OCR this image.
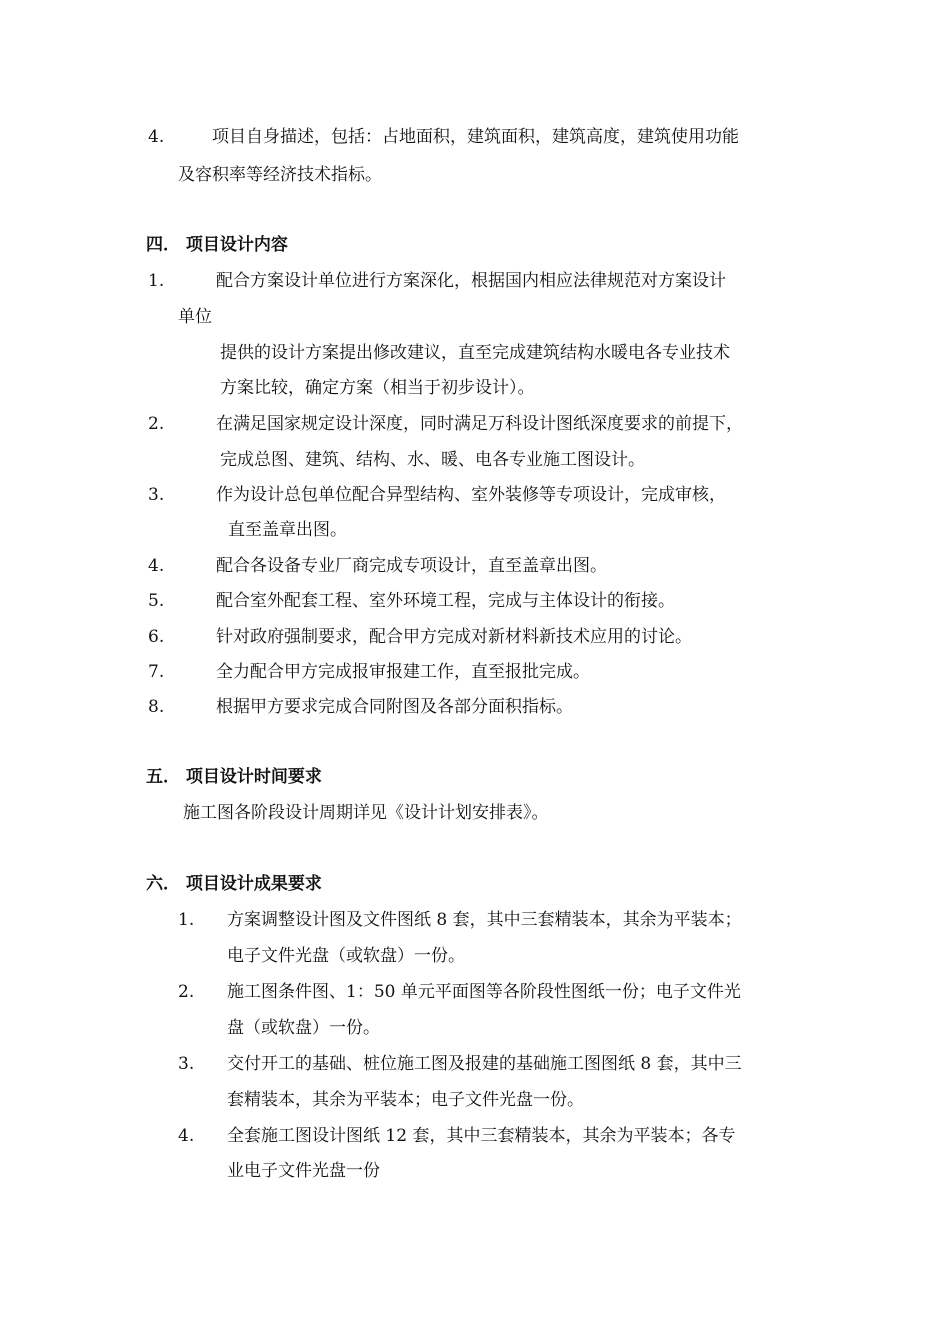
4.	项目自身描述，包括：占地面积，建筑面积，建筑高度，建筑使用功能
及容积率等经济技术指标。
四． 项目设计内容
1.	配合方案设计单位进行方案深化，根据国内相应法律规范对方案设计
单位
提供的设计方案提出修改建议，直至完成建筑结构水暖电各专业技术
方案比较，确定方案（相当于初步设计）。
2.	在满足国家规定设计深度，同时满足万科设计图纸深度要求的前提下，
完成总图、建筑、结构、水、暖、电各专业施工图设计。
3.	作为设计总包单位配合异型结构、室外装修等专项设计，完成审核，
直至盖章出图。
4.	配合各设备专业厂商完成专项设计，直至盖章出图。
5.	配合室外配套工程、室外环境工程，完成与主体设计的衔接。
6.	针对政府强制要求，配合甲方完成对新材料新技术应用的讨论。
7.	全力配合甲方完成报审报建工作，直至报批完成。
8.	根据甲方要求完成合同附图及各部分面积指标。
五． 项目设计时间要求
施工图各阶段设计周期详见《设计计划安排表》。
六． 项目设计成果要求
1. 方案调整设计图及文件图纸 8 套，其中三套精装本，其余为平装本；
电子文件光盘（或软盘）一份。
2. 施工图条件图、1：50 单元平面图等各阶段性图纸一份；电子文件光
盘（或软盘）一份。
3. 交付开工的基础、桩位施工图及报建的基础施工图图纸 8 套，其中三
套精装本，其余为平装本；电子文件光盘一份。
4. 全套施工图设计图纸 12 套，其中三套精装本，其余为平装本；各专
业电子文件光盘一份
